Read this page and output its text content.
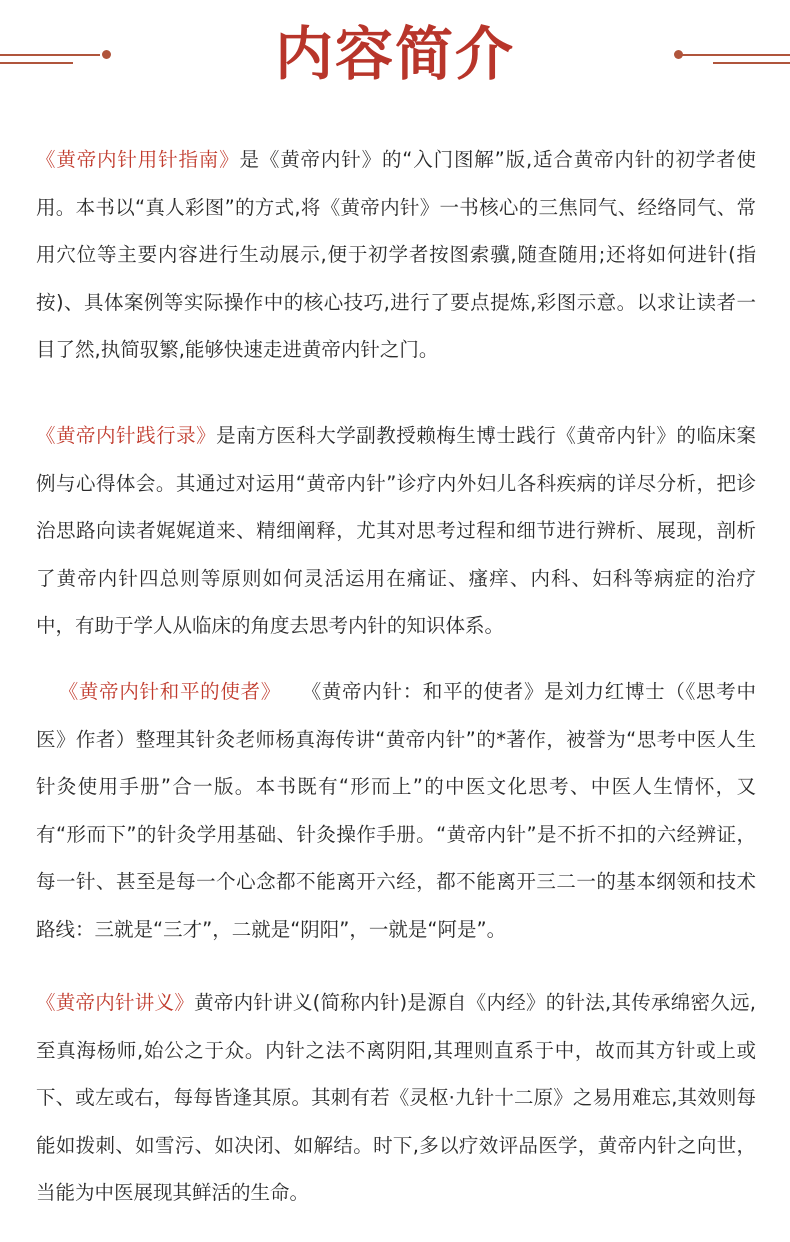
内容简介

《黄帝内针用针指南》是《黄帝内针》的“入门图解”版,适合黄帝内针的初学者使用。本书以“真人彩图”的方式,将《黄帝内针》一书核心的三焦同气、经络同气、常用穴位等主要内容进行生动展示,便于初学者按图索骥,随查随用;还将如何进针(指按)、具体案例等实际操作中的核心技巧,进行了要点提炼,彩图示意。以求让读者一目了然,执简驭繁,能够快速走进黄帝内针之门。

《黄帝内针践行录》是南方医科大学副教授赖梅生博士践行《黄帝内针》的临床案例与心得体会。其通过对运用“黄帝内针”诊疗内外妇儿各科疾病的详尽分析，把诊治思路向读者娓娓道来、精细阐释，尤其对思考过程和细节进行辨析、展现，剖析了黄帝内针四总则等原则如何灵活运用在痛证、瘙痒、内科、妇科等病症的治疗中，有助于学人从临床的角度去思考内针的知识体系。

《黄帝内针和平的使者》 《黄帝内针：和平的使者》是刘力红博士（《思考中医》作者）整理其针灸老师杨真海传讲“黄帝内针”的*著作，被誉为“思考中医人生 针灸使用手册”合一版。本书既有“形而上”的中医文化思考、中医人生情怀，又有“形而下”的针灸学用基础、针灸操作手册。“黄帝内针”是不折不扣的六经辨证，每一针、甚至是每一个心念都不能离开六经，都不能离开三二一的基本纲领和技术路线：三就是“三才”，二就是“阴阳”，一就是“阿是”。

《黄帝内针讲义》黄帝内针讲义(简称内针)是源自《内经》的针法,其传承绵密久远,至真海杨师,始公之于众。内针之法不离阴阳,其理则直系于中，故而其方针或上或下、或左或右，每每皆逢其原。其刺有若《灵枢·九针十二原》之易用难忘,其效则每能如拨刺、如雪污、如决闭、如解结。时下,多以疗效评品医学，黄帝内针之向世，当能为中医展现其鲜活的生命。
